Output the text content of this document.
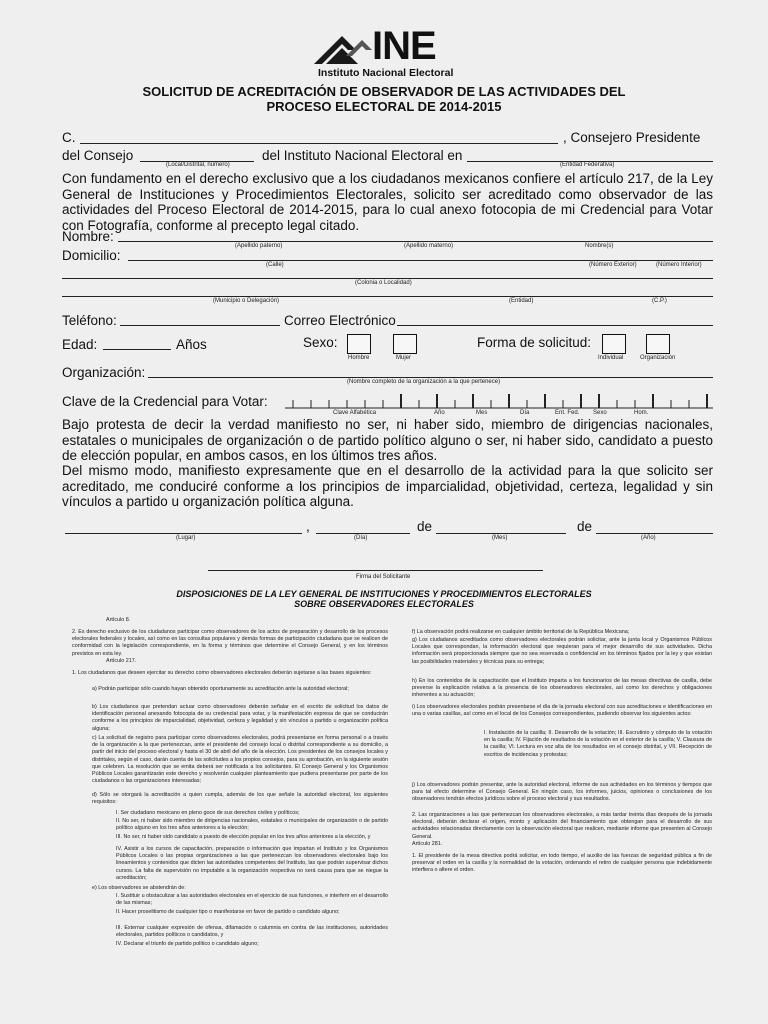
INE
Instituto Nacional Electoral
SOLICITUD DE ACREDITACIÓN DE OBSERVADOR DE LAS ACTIVIDADES DEL
PROCESO ELECTORAL DE 2014-2015
C.	, Consejero Presidente
del Consejo	del Instituto Nacional Electoral en
(Local/Distrital, número)	(Entidad Federativa)
Con fundamento en el derecho exclusivo que a los ciudadanos mexicanos confiere el artículo 217, de la Ley General de Instituciones y Procedimientos Electorales, solicito ser acreditado como observador de las actividades del Proceso Electoral de 2014-2015, para lo cual anexo fotocopia de mi Credencial para Votar con Fotografía, conforme al precepto legal citado.
Nombre:
(Apellido paterno)	(Apellido materno)	Nombre(s)
Domicilio:
(Calle)	(Número Exterior)	(Número Interior)
(Colonia o Localidad)
(Municipio o Delegación)	(Entidad)	(C.P.)
Teléfono:	Correo Electrónico
Edad:	Años	Sexo:
Hombre	Mujer
Forma de solicitud:
Individual	Organización
Organización:
(Nombre completo de la organización a la que pertenece)
Clave de la Credencial para Votar:
Clave Alfabética	Año	Mes	Día	Ent. Fed. Sexo	Hom.
Bajo protesta de decir la verdad manifiesto no ser, ni haber sido, miembro de dirigencias nacionales, estatales o municipales de organización o de partido político alguno o ser, ni haber sido, candidato a puesto de elección popular, en ambos casos, en los últimos tres años.
Del mismo modo, manifiesto expresamente que en el desarrollo de la actividad para la que solicito ser acreditado, me conduciré conforme a los principios de imparcialidad, objetividad, certeza, legalidad y sin vínculos a partido u organización política alguna.
,	de	de
(Lugar)	(Día)	(Mes)	(Año)
Firma del Solicitante
DISPOSICIONES DE LA LEY GENERAL DE INSTITUCIONES Y PROCEDIMIENTOS ELECTORALES
SOBRE OBSERVADORES ELECTORALES
Artículo 8.
2. Es derecho exclusivo de los ciudadanos participar como observadores de los actos de preparación y desarrollo de los procesos electorales federales y locales, así como en las consultas populares y demás formas de participación ciudadana que se realicen de conformidad con la legislación correspondiente, en la forma y términos que determine el Consejo General, y en los términos previstos en esta ley.
Artículo 217.
1. Los ciudadanos que deseen ejercitar su derecho como observadores electorales deberán sujetarse a las bases siguientes:
a) Podrán participar sólo cuando hayan obtenido oportunamente su acreditación ante la autoridad electoral;
b) Los ciudadanos que pretendan actuar como observadores deberán señalar en el escrito de solicitud los datos de identificación personal anexando fotocopia de su credencial para votar, y la manifestación expresa de que se conducirán conforme a los principios de imparcialidad, objetividad, certeza y legalidad y sin vínculos a partido u organización política alguna;
c) La solicitud de registro para participar como observadores electorales, podrá presentarse en forma personal o a través de la organización a la que pertenezcan, ante el presidente del consejo local o distrital correspondiente a su domicilio, a partir del inicio del proceso electoral y hasta el 30 de abril del año de la elección. Los presidentes de los consejos locales y distritales, según el caso, darán cuenta de las solicitudes a los propios consejos, para su aprobación, en la siguiente sesión que celebren. La resolución que se emita deberá ser notificada a los solicitantes. El Consejo General y los Organismos Públicos Locales garantizarán este derecho y resolverán cualquier planteamiento que pudiera presentarse por parte de los ciudadanos o las organizaciones interesadas;
d) Sólo se otorgará la acreditación a quien cumpla, además de los que señale la autoridad electoral, los siguientes requisitos:
I. Ser ciudadano mexicano en pleno goce de sus derechos civiles y políticos;
II. No ser, ni haber sido miembro de dirigencias nacionales, estatales o municipales de organización o de partido político alguno en los tres años anteriores a la elección;
III. No ser, ni haber sido candidato a puesto de elección popular en los tres años anteriores a la elección, y
IV. Asistir a los cursos de capacitación, preparación o información que impartan el Instituto y los Organismos Públicos Locales o las propias organizaciones a las que pertenezcan los observadores electorales bajo los lineamientos y contenidos que dicten las autoridades competentes del Instituto, las que podrán supervisar dichos cursos. La falta de supervisión no imputable a la organización respectiva no será causa para que se niegue la acreditación;
e) Los observadores se abstendrán de:
I. Sustituir u obstaculizar a las autoridades electorales en el ejercicio de sus funciones, e interferir en el desarrollo de las mismas;
II. Hacer proselitismo de cualquier tipo o manifestarse en favor de partido o candidato alguno;
III. Externar cualquier expresión de ofensa, difamación o calumnia en contra de las instituciones, autoridades electorales, partidos políticos o candidatos, y
IV. Declarar el triunfo de partido político o candidato alguno;
f) La observación podrá realizarse en cualquier ámbito territorial de la República Mexicana;
g) Los ciudadanos acreditados como observadores electorales podrán solicitar, ante la junta local y Organismos Públicos Locales que correspondan, la información electoral que requieran para el mejor desarrollo de sus actividades. Dicha información será proporcionada siempre que no sea reservada o confidencial en los términos fijados por la ley y que existan las posibilidades materiales y técnicas para su entrega;
h) En los contenidos de la capacitación que el Instituto imparta a los funcionarios de las mesas directivas de casilla, debe preverse la explicación relativa a la presencia de los observadores electorales, así como los derechos y obligaciones inherentes a su actuación;
i) Los observadores electorales podrán presentarse el día de la jornada electoral con sus acreditaciones e identificaciones en una o varias casillas, así como en el local de los Consejos correspondientes, pudiendo observar los siguientes actos:
I. Instalación de la casilla; II. Desarrollo de la votación; III. Escrutinio y cómputo de la votación en la casilla; IV. Fijación de resultados de la votación en el exterior de la casilla; V. Clausura de la casilla; VI. Lectura en voz alta de los resultados en el consejo distrital, y VII. Recepción de escritos de incidencias y protestas;
j) Los observadores podrán presentar, ante la autoridad electoral, informe de sus actividades en los términos y tiempos que para tal efecto determine el Consejo General. En ningún caso, los informes, juicios, opiniones o conclusiones de los observadores tendrán efectos jurídicos sobre el proceso electoral y sus resultados.
2. Las organizaciones a las que pertenezcan los observadores electorales, a más tardar treinta días después de la jornada electoral, deberán declarar el origen, monto y aplicación del financiamiento que obtengan para el desarrollo de sus actividades relacionadas directamente con la observación electoral que realicen, mediante informe que presenten al Consejo General.
Artículo 281.
1. El presidente de la mesa directiva podrá solicitar, en todo tiempo, el auxilio de las fuerzas de seguridad pública a fin de preservar el orden en la casilla y la normalidad de la votación, ordenando el retiro de cualquier persona que indebidamente interfiera o altere el orden.
